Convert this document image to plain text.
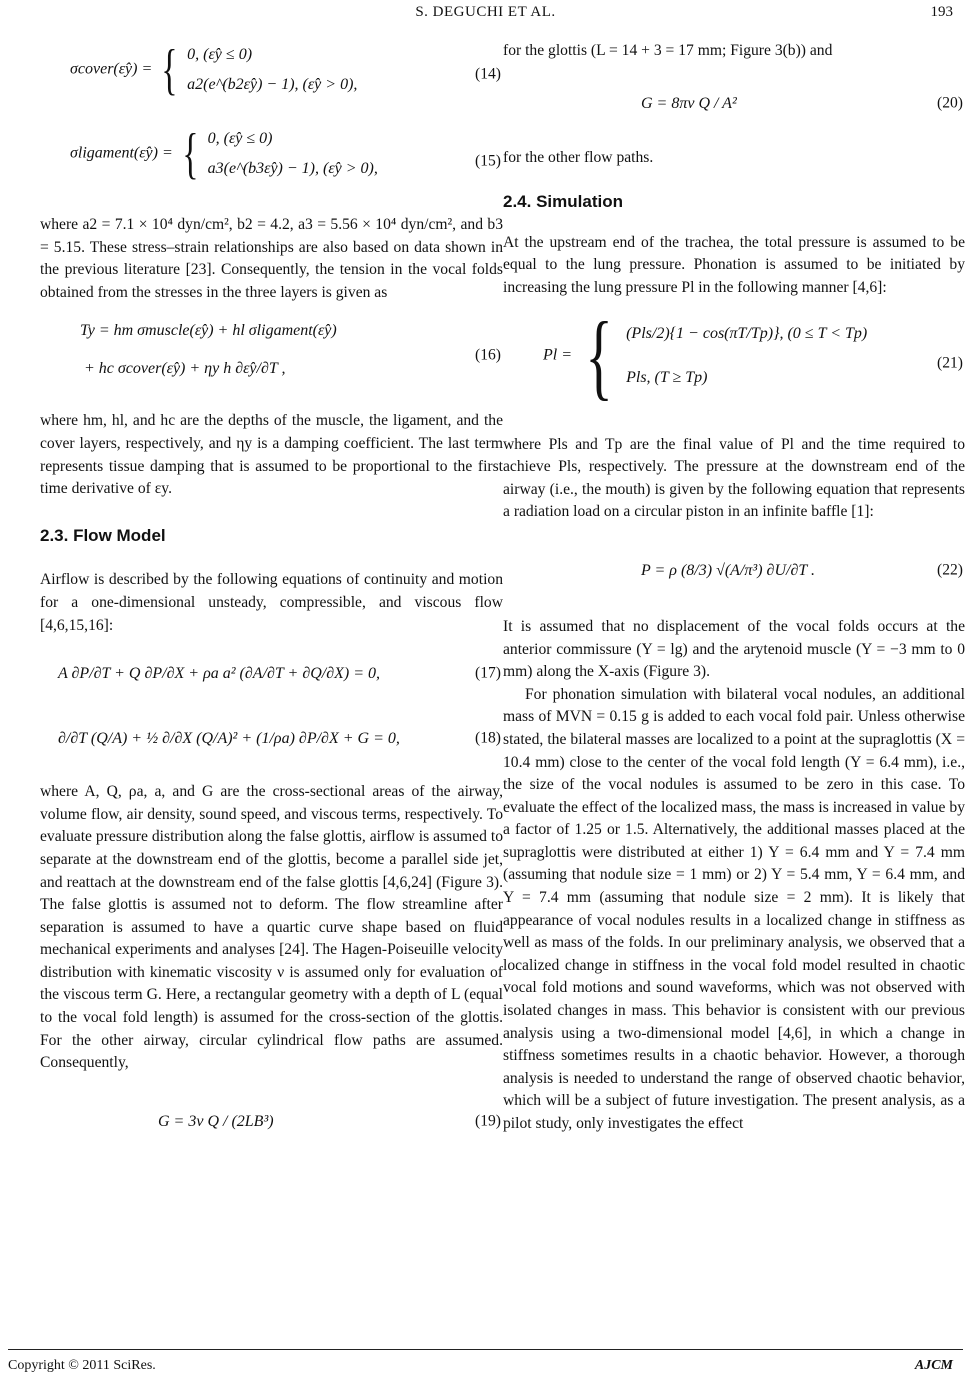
S. DEGUCHI ET AL.	193
σcover(ε̂y) = { 0, (ε̂y ≤ 0)
a2(e^(b2ε̂y) − 1), (ε̂y > 0),
(14)
σligament(ε̂y) = { 0, (ε̂y ≤ 0)
a3(e^(b3ε̂y) − 1), (ε̂y > 0),	(15)

where a2 = 7.1 × 10⁴ dyn/cm², b2 = 4.2, a3 = 5.56 × 10⁴ dyn/cm², and b3 = 5.15. These stress–strain relationships are also based on data shown in the previous literature [23]. Consequently, the tension in the vocal folds obtained from the stresses in the three layers is given as

Ty = hm σmuscle(ε̂y) + hl σligament(ε̂y)
+ hc σcover(ε̂y) + ηy h ∂ε̂y/∂T ,
(16)

where hm, hl, and hc are the depths of the muscle, the ligament, and the cover layers, respectively, and ηy is a damping coefficient. The last term represents tissue damping that is assumed to be proportional to the first time derivative of εy.

2.3. Flow Model

Airflow is described by the following equations of continuity and motion for a one-dimensional unsteady, compressible, and viscous flow [4,6,15,16]:

A ∂P/∂T + Q ∂P/∂X + ρa a² (∂A/∂T + ∂Q/∂X) = 0,	(17)
∂/∂T (Q/A) + ½ ∂/∂X (Q/A)² + (1/ρa) ∂P/∂X + G = 0,	(18)

where A, Q, ρa, a, and G are the cross-sectional areas of the airway, volume flow, air density, sound speed, and viscous terms, respectively. To evaluate pressure distribution along the false glottis, airflow is assumed to separate at the downstream end of the glottis, become a parallel side jet, and reattach at the downstream end of the false glottis [4,6,24] (Figure 3). The false glottis is assumed not to deform. The flow streamline after separation is assumed to have a quartic curve shape based on fluid mechanical experiments and analyses [24]. The Hagen-Poiseuille velocity distribution with kinematic viscosity ν is assumed only for evaluation of the viscous term G. Here, a rectangular geometry with a depth of L (equal to the vocal fold length) is assumed for the cross-section of the glottis. For the other airway, circular cylindrical flow paths are assumed. Consequently,

G = 3ν Q / (2LB³)	(19)

for the glottis (L = 14 + 3 = 17 mm; Figure 3(b)) and

G = 8πν Q / A²	(20)

for the other flow paths.

2.4. Simulation

At the upstream end of the trachea, the total pressure is assumed to be equal to the lung pressure. Phonation is assumed to be initiated by increasing the lung pressure Pl in the following manner [4,6]:

Pl = { (Pls/2){1 − cos(πT/Tp)}, (0 ≤ T < Tp)
Pls, (T ≥ Tp)
(21)

where Pls and Tp are the final value of Pl and the time required to achieve Pls, respectively. The pressure at the downstream end of the airway (i.e., the mouth) is given by the following equation that represents a radiation load on a circular piston in an infinite baffle [1]:

P = ρ (8/3) √(A/π³) ∂U/∂T .	(22)

It is assumed that no displacement of the vocal folds occurs at the anterior commissure (Y = lg) and the arytenoid muscle (Y = −3 mm to 0 mm) along the X-axis (Figure 3).

For phonation simulation with bilateral vocal nodules, an additional mass of MVN = 0.15 g is added to each vocal fold pair. Unless otherwise stated, the bilateral masses are localized to a point at the supraglottis (X = 10.4 mm) close to the center of the vocal fold length (Y = 6.4 mm), i.e., the size of the vocal nodules is assumed to be zero in this case. To evaluate the effect of the localized mass, the mass is increased in value by a factor of 1.25 or 1.5. Alternatively, the additional masses placed at the supraglottis were distributed at either 1) Y = 6.4 mm and Y = 7.4 mm (assuming that nodule size = 1 mm) or 2) Y = 5.4 mm, Y = 6.4 mm, and Y = 7.4 mm (assuming that nodule size = 2 mm). It is likely that appearance of vocal nodules results in a localized change in stiffness as well as mass of the folds. In our preliminary analysis, we observed that a localized change in stiffness in the vocal fold model resulted in chaotic vocal fold motions and sound waveforms, which was not observed with isolated changes in mass. This behavior is consistent with our previous analysis using a two-dimensional model [4,6], in which a change in stiffness sometimes results in a chaotic behavior. However, a thorough analysis is needed to understand the range of observed chaotic behavior, which will be a subject of future investigation. The present analysis, as a pilot study, only investigates the effect

Copyright © 2011 SciRes.	AJCM
